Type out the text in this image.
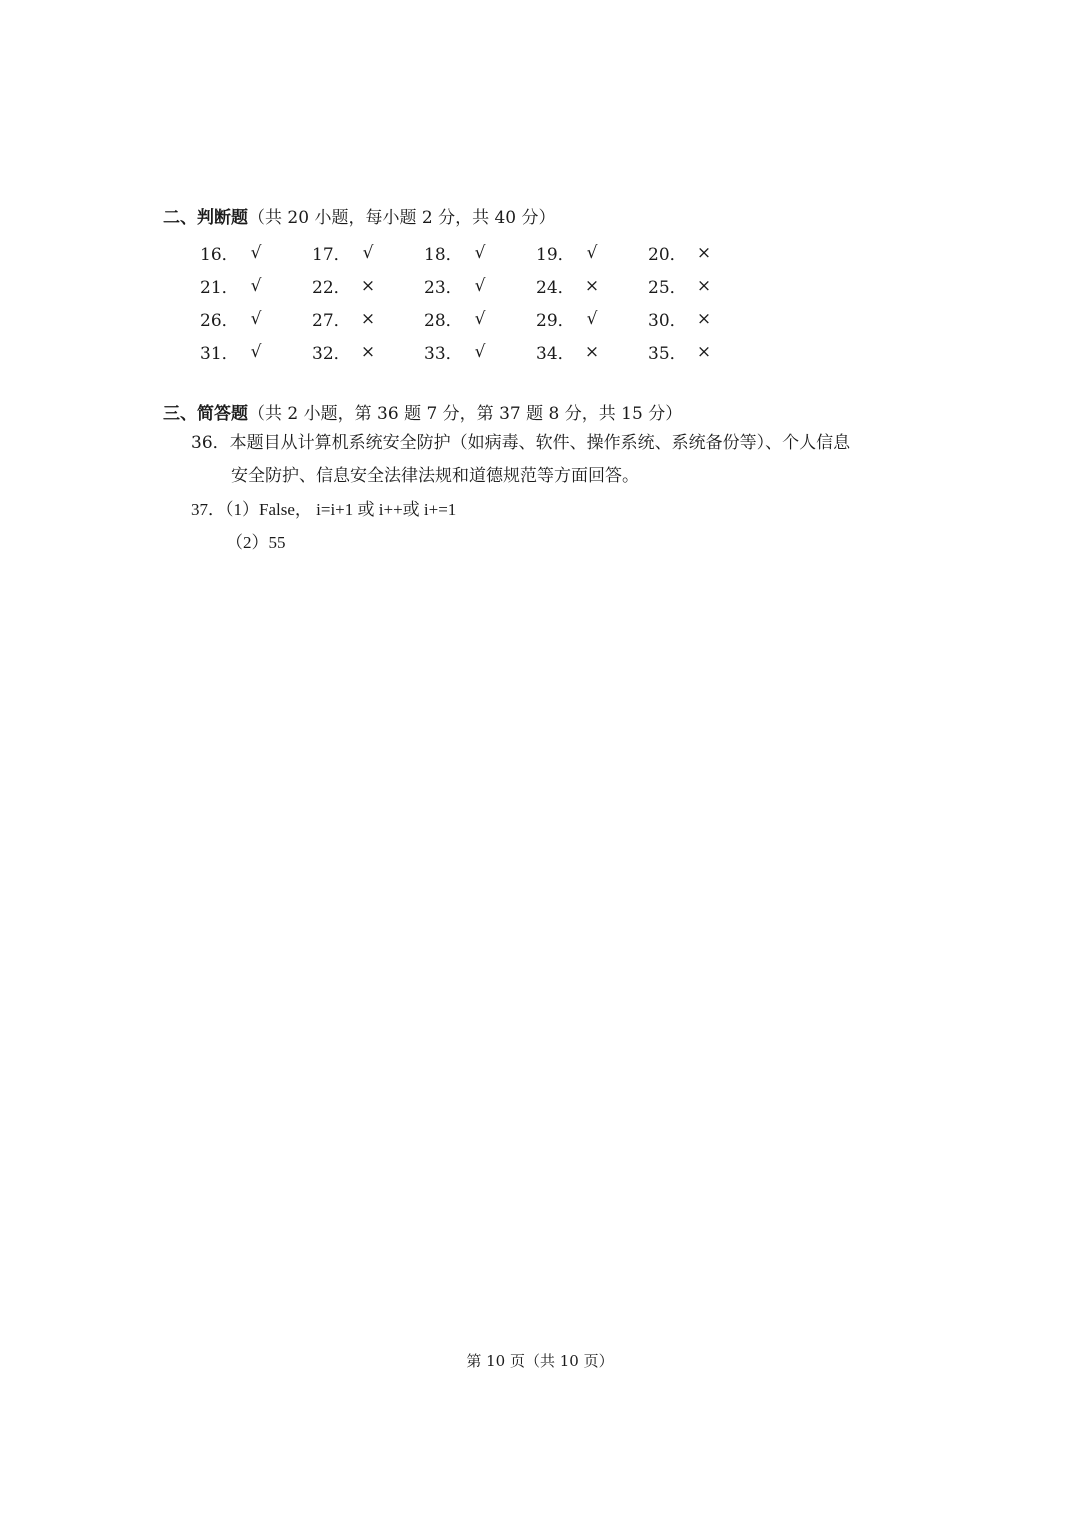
二、判断题（共 20 小题，每小题 2 分，共 40 分）
16． √	17． √	18． √	19． √	20． ×
21． √	22． ×	23． √	24． ×	25． ×
26． √	27． ×	28． √	29． √	30． ×
31． √	32． ×	33． √	34． ×	35． ×
三、简答题（共 2 小题，第 36 题 7 分，第 37 题 8 分，共 15 分）
36．本题目从计算机系统安全防护（如病毒、软件、操作系统、系统备份等）、个人信息
安全防护、信息安全法律法规和道德规范等方面回答。
37．（1）False， i=i+1 或 i++或 i+=1
（2）55
第 10 页（共 10 页）
